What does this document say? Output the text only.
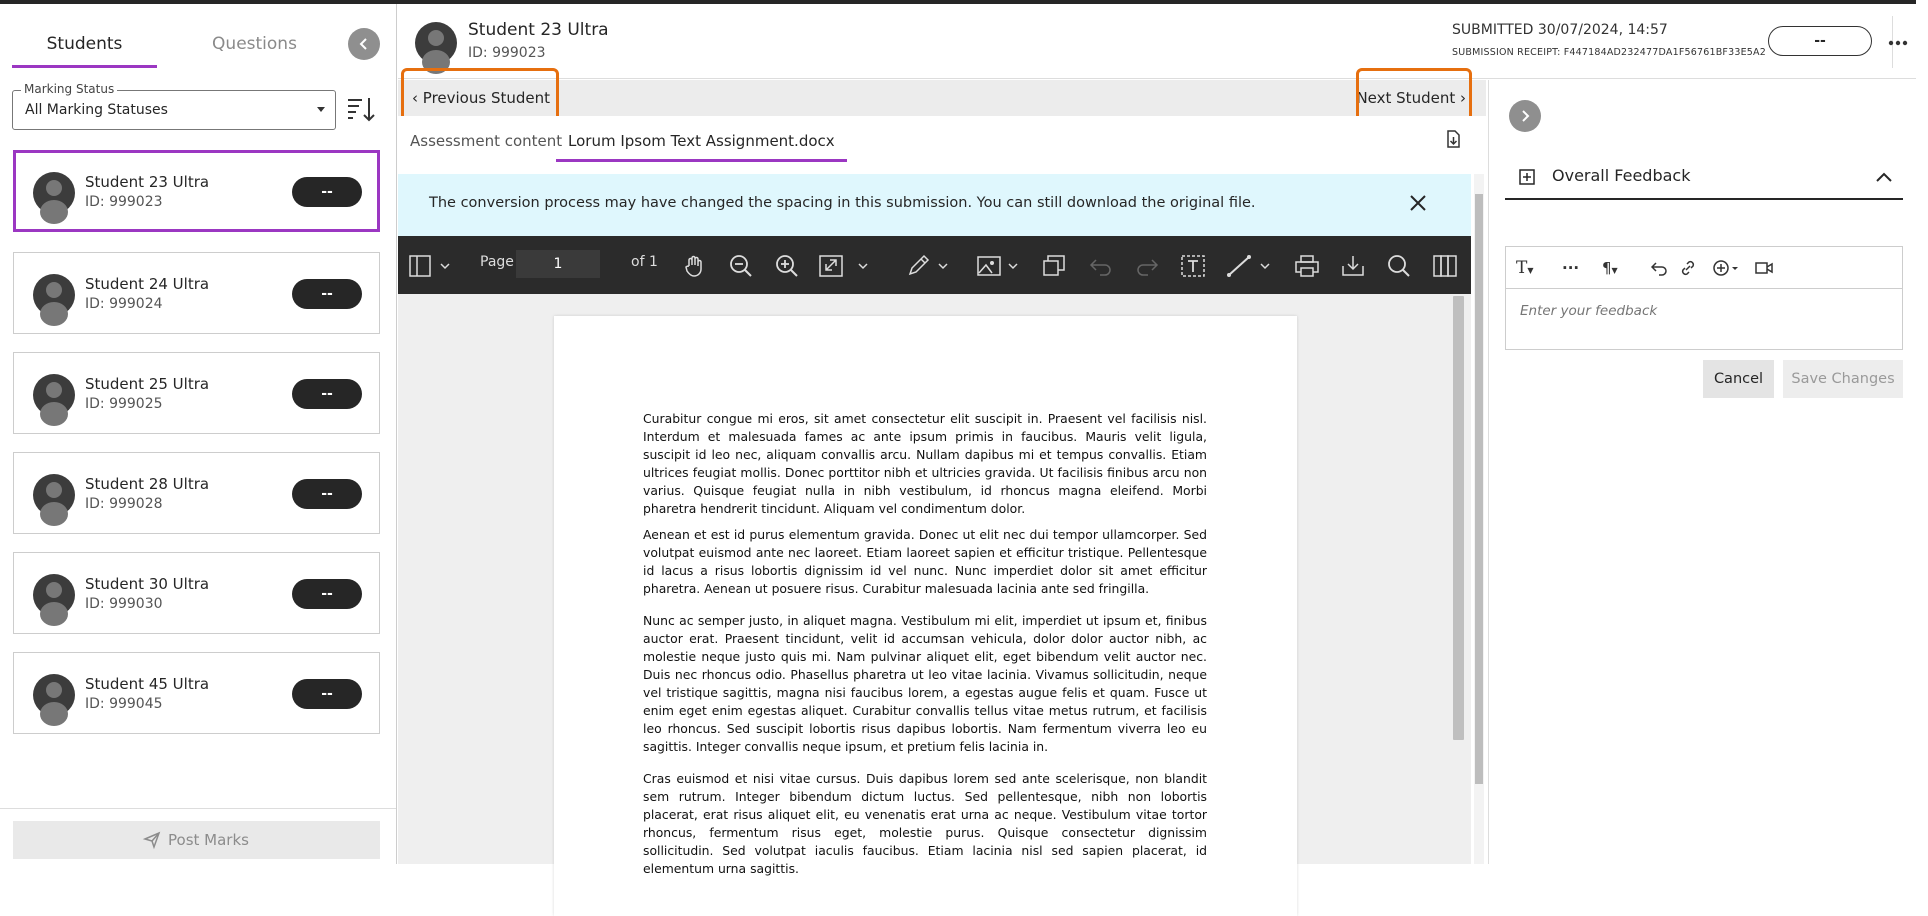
Students	Questions
Marking Status
All Marking Statuses
Student 23 Ultra
ID: 999023
--
Student 24 Ultra
ID: 999024
--
Student 25 Ultra
ID: 999025
--
Student 28 Ultra
ID: 999028
--
Student 30 Ultra
ID: 999030
--
Student 45 Ultra
ID: 999045
--
Post Marks
Student 23 Ultra
ID: 999023
SUBMITTED 30/07/2024, 14:57
SUBMISSION RECEIPT: F447184AD232477DA1F56761BF33E5A2
--
‹ Previous Student	Next Student ›
Assessment content Lorum Ipsom Text Assignment.docx
The conversion process may have changed the spacing in this submission. You can still download the original file.
Page	1	of 1

Curabitur congue mi eros, sit amet consectetur elit suscipit in. Praesent vel facilisis nisl. Interdum et malesuada fames ac ante ipsum primis in faucibus. Mauris velit ligula, suscipit id leo nec, aliquam convallis arcu. Nullam dapibus mi et tempus convallis. Etiam ultrices feugiat mollis. Donec porttitor nibh et ultricies gravida. Ut facilisis finibus arcu non varius. Quisque feugiat nulla in nibh vestibulum, id rhoncus magna eleifend. Morbi pharetra hendrerit tincidunt. Aliquam vel condimentum dolor.

Aenean et est id purus elementum gravida. Donec ut elit nec dui tempor ullamcorper. Sed volutpat euismod ante nec laoreet. Etiam laoreet sapien et efficitur tristique. Pellentesque id lacus a risus lobortis dignissim id vel nunc. Nunc imperdiet dolor sit amet efficitur pharetra. Aenean ut posuere risus. Curabitur malesuada lacinia ante sed fringilla.

Nunc ac semper justo, in aliquet magna. Vestibulum mi elit, imperdiet ut ipsum et, finibus auctor erat. Praesent tincidunt, velit id accumsan vehicula, dolor dolor auctor nibh, ac molestie neque justo quis mi. Nam pulvinar aliquet elit, eget bibendum velit auctor nec. Duis nec rhoncus odio. Phasellus pharetra ut leo vitae lacinia. Vivamus sollicitudin, neque vel tristique sagittis, magna nisi faucibus lorem, a egestas augue felis et quam. Fusce ut enim eget enim egestas aliquet. Curabitur convallis tellus vitae metus rutrum, et facilisis leo rhoncus. Sed suscipit lobortis risus dapibus lobortis. Nam fermentum viverra leo eu sagittis. Integer convallis neque ipsum, et pretium felis lacinia in.

Cras euismod et nisi vitae cursus. Duis dapibus lorem sed ante scelerisque, non blandit sem rutrum. Integer bibendum dictum luctus. Sed pellentesque, nibh non lobortis placerat, erat risus aliquet elit, eu venenatis erat urna ac neque. Vestibulum vitae tortor rhoncus, fermentum risus eget, molestie purus. Quisque consectetur dignissim sollicitudin. Sed volutpat iaculis faucibus. Etiam lacinia nisl sed sapien placerat, id elementum urna sagittis.

Overall Feedback
T▼ ··· ¶▼
Enter your feedback
Cancel	Save Changes
